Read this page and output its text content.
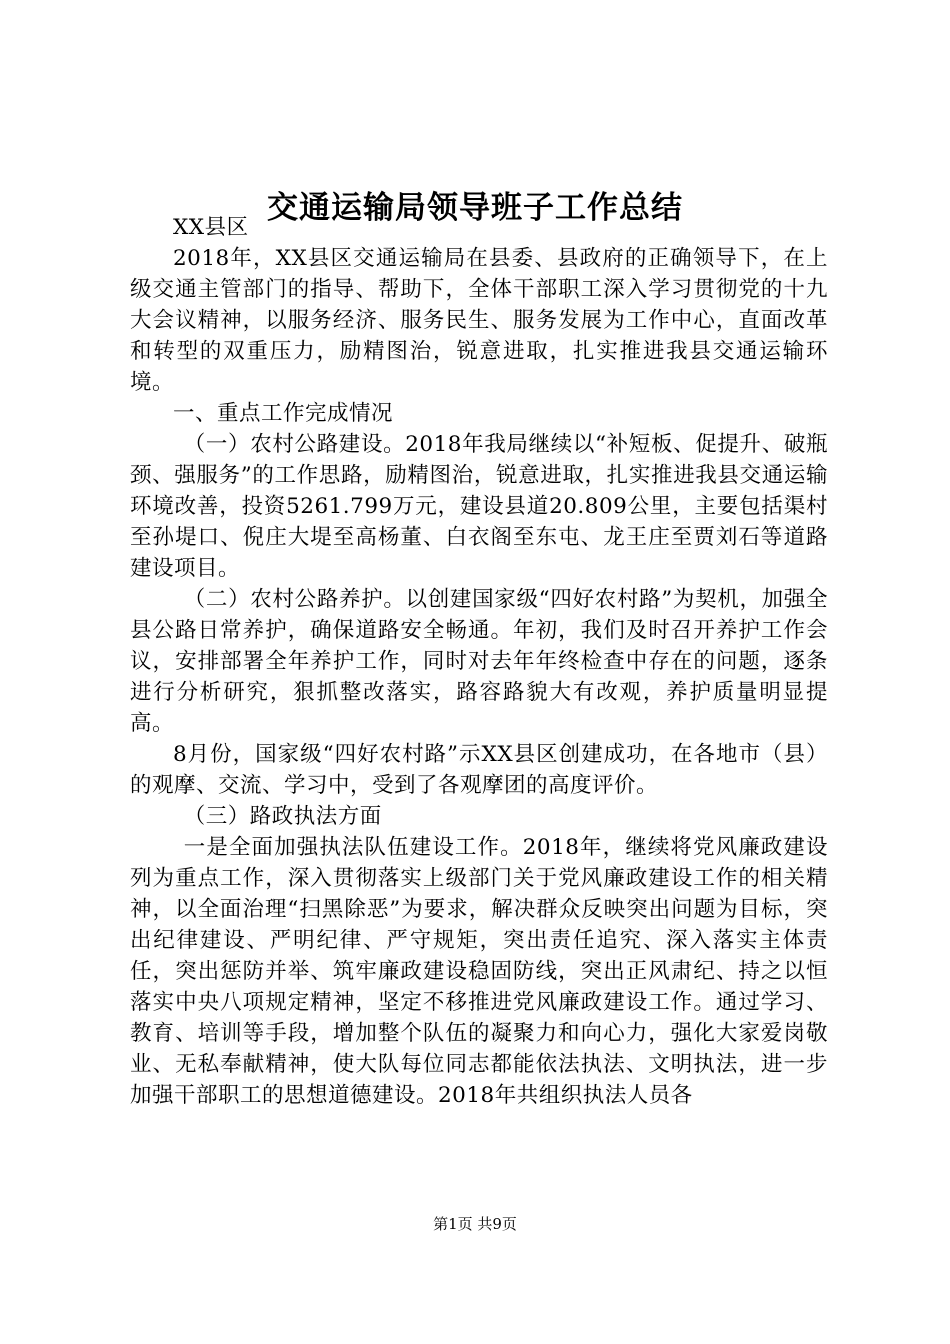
交通运输局领导班子工作总结

XX县区

2018年，XX县区交通运输局在县委、县政府的正确领导下，在上级交通主管部门的指导、帮助下，全体干部职工深入学习贯彻党的十九大会议精神，以服务经济、服务民生、服务发展为工作中心，直面改革和转型的双重压力，励精图治，锐意进取，扎实推进我县交通运输环境。

一、重点工作完成情况

（一）农村公路建设。2018年我局继续以“补短板、促提升、破瓶颈、强服务”的工作思路，励精图治，锐意进取，扎实推进我县交通运输环境改善，投资5261.799万元，建设县道20.809公里，主要包括渠村至孙堤口、倪庄大堤至高杨董、白衣阁至东屯、龙王庄至贾刘石等道路建设项目。

（二）农村公路养护。以创建国家级“四好农村路”为契机，加强全县公路日常养护，确保道路安全畅通。年初，我们及时召开养护工作会议，安排部署全年养护工作，同时对去年年终检查中存在的问题，逐条进行分析研究，狠抓整改落实，路容路貌大有改观，养护质量明显提高。

8月份，国家级“四好农村路”示XX县区创建成功，在各地市（县）的观摩、交流、学习中，受到了各观摩团的高度评价。

（三）路政执法方面

一是全面加强执法队伍建设工作。2018年，继续将党风廉政建设列为重点工作，深入贯彻落实上级部门关于党风廉政建设工作的相关精神，以全面治理“扫黑除恶”为要求，解决群众反映突出问题为目标，突出纪律建设、严明纪律、严守规矩，突出责任追究、深入落实主体责任，突出惩防并举、筑牢廉政建设稳固防线，突出正风肃纪、持之以恒落实中央八项规定精神，坚定不移推进党风廉政建设工作。通过学习、教育、培训等手段，增加整个队伍的凝聚力和向心力，强化大家爱岗敬业、无私奉献精神，使大队每位同志都能依法执法、文明执法，进一步加强干部职工的思想道德建设。2018年共组织执法人员各

第1页 共9页
